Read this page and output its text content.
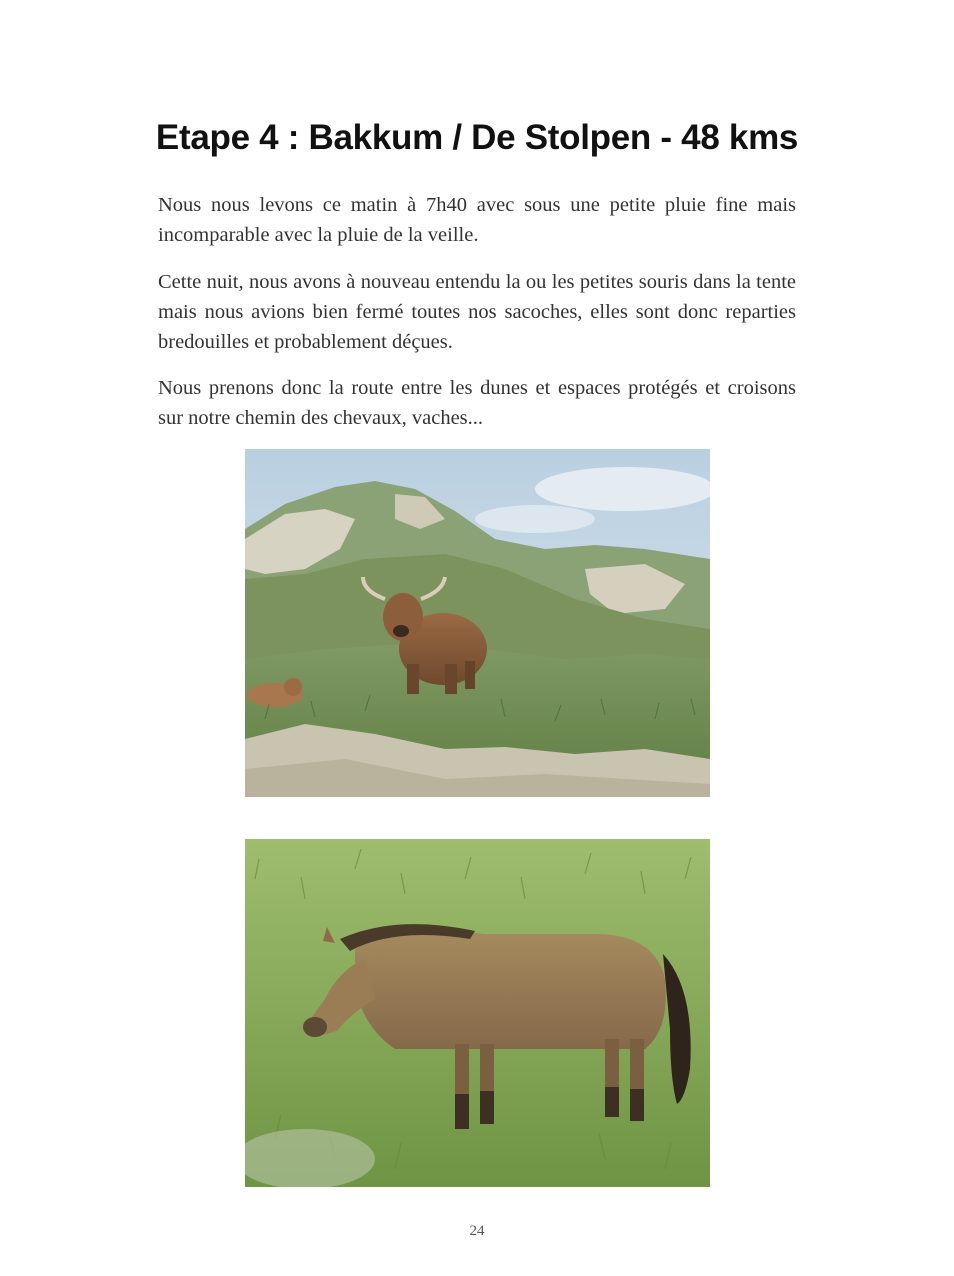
Etape 4 : Bakkum / De Stolpen - 48 kms

Nous nous levons ce matin à 7h40 avec sous une petite pluie fine mais incomparable avec la pluie de la veille.

Cette nuit, nous avons à nouveau entendu la ou les petites souris dans la tente mais nous avions bien fermé toutes nos sacoches, elles sont donc reparties bredouilles et probablement déçues.

Nous prenons donc la route entre les dunes et espaces protégés et croisons sur notre chemin des chevaux, vaches...

24
